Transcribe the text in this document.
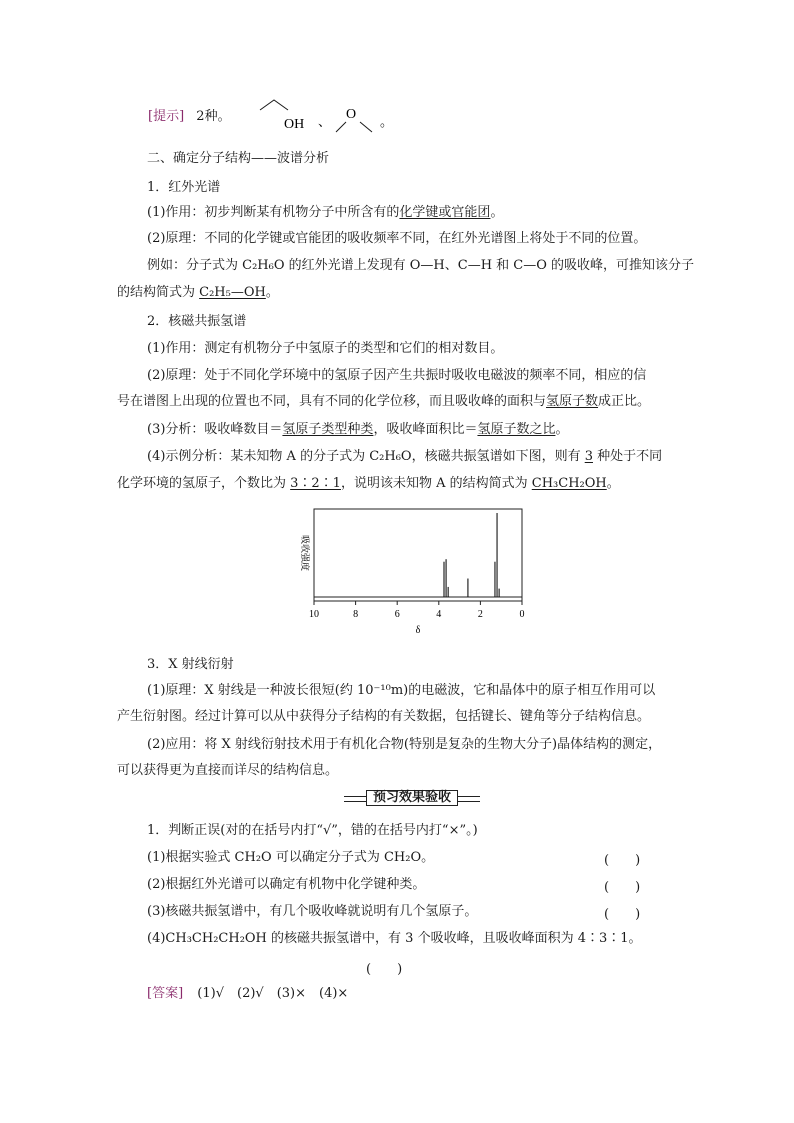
[提示] 2种。
OH 、 O 。
二、确定分子结构——波谱分析
1．红外光谱
(1)作用：初步判断某有机物分子中所含有的化学键或官能团。
(2)原理：不同的化学键或官能团的吸收频率不同，在红外光谱图上将处于不同的位置。
例如：分子式为 C₂H₆O 的红外光谱上发现有 O—H、C—H 和 C—O 的吸收峰，可推知该分子
的结构简式为 C₂H₅—OH。
2．核磁共振氢谱
(1)作用：测定有机物分子中氢原子的类型和它们的相对数目。
(2)原理：处于不同化学环境中的氢原子因产生共振时吸收电磁波的频率不同，相应的信
号在谱图上出现的位置也不同，具有不同的化学位移，而且吸收峰的面积与氢原子数成正比。
(3)分析：吸收峰数目＝氢原子类型种类，吸收峰面积比＝氢原子数之比。
(4)示例分析：某未知物 A 的分子式为 C₂H₆O，核磁共振氢谱如下图，则有 3 种处于不同
化学环境的氢原子，个数比为 3∶2∶1，说明该未知物 A 的结构简式为 CH₃CH₂OH。
吸收强度
10	8	6	4	2	0
δ
3．X 射线衍射
(1)原理：X 射线是一种波长很短(约 10⁻¹⁰m)的电磁波，它和晶体中的原子相互作用可以
产生衍射图。经过计算可以从中获得分子结构的有关数据，包括键长、键角等分子结构信息。
(2)应用：将 X 射线衍射技术用于有机化合物(特别是复杂的生物大分子)晶体结构的测定，
可以获得更为直接而详尽的结构信息。
预习效果验收
1．判断正误(对的在括号内打“√”，错的在括号内打“×”。)
(1)根据实验式 CH₂O 可以确定分子式为 CH₂O。	(　　)
(2)根据红外光谱可以确定有机物中化学键种类。	(　　)
(3)核磁共振氢谱中，有几个吸收峰就说明有几个氢原子。	(　　)
(4)CH₃CH₂CH₂OH 的核磁共振氢谱中，有 3 个吸收峰，且吸收峰面积为 4∶3∶1。
(　　)
[答案] (1)√　(2)√　(3)×　(4)×
